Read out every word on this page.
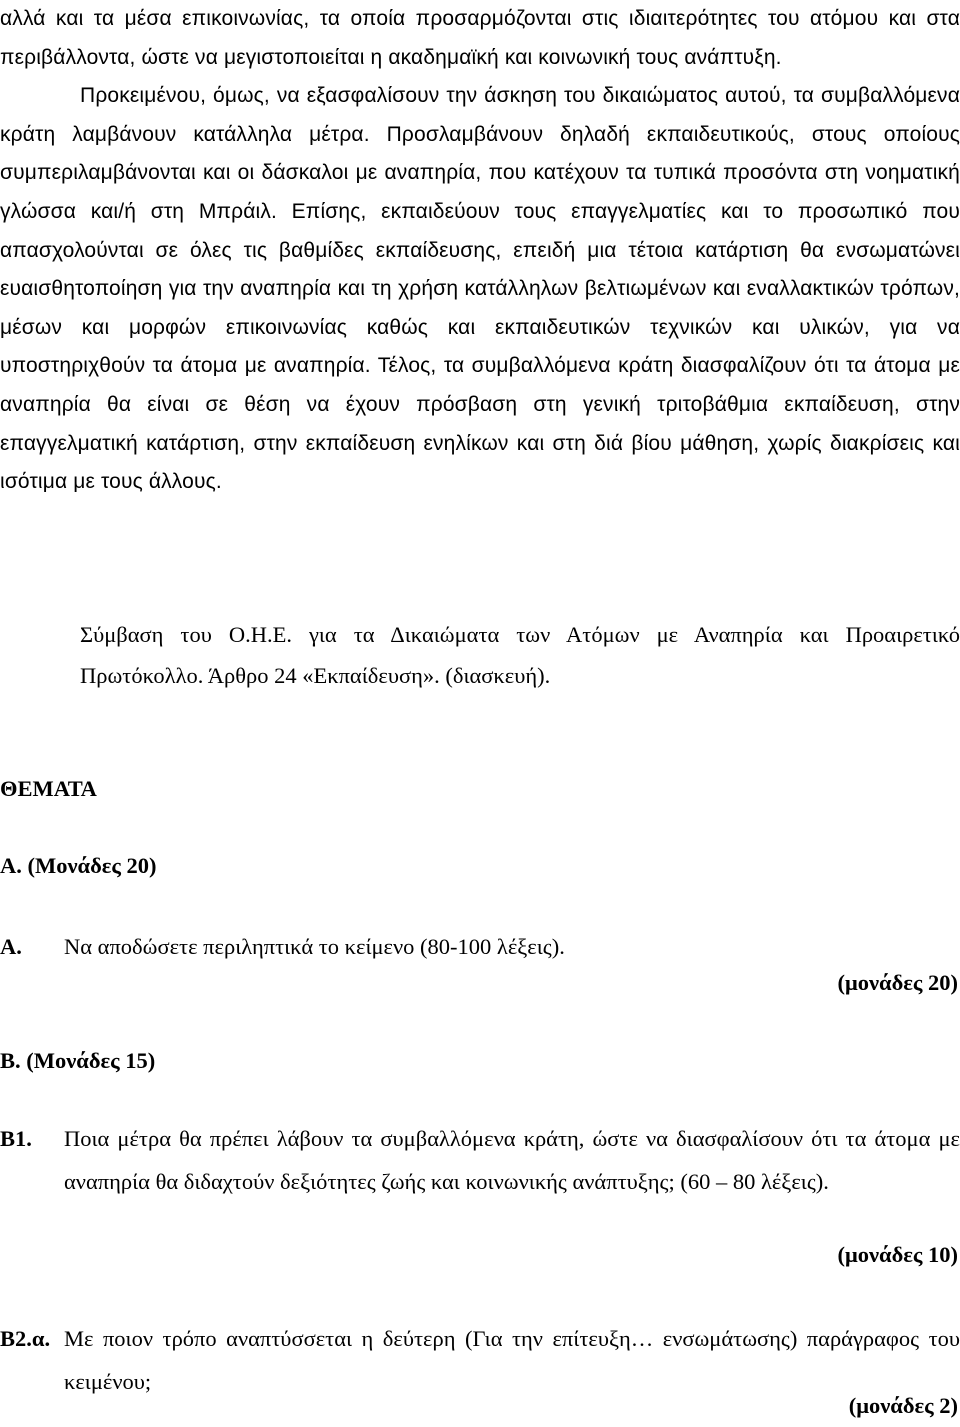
αλλά και τα μέσα επικοινωνίας, τα οποία προσαρμόζονται στις ιδιαιτερότητες του ατόμου και στα περιβάλλοντα, ώστε να μεγιστοποιείται η ακαδημαϊκή και κοινωνική τους ανάπτυξη.

Προκειμένου, όμως, να εξασφαλίσουν την άσκηση του δικαιώματος αυτού, τα συμβαλλόμενα κράτη λαμβάνουν κατάλληλα μέτρα. Προσλαμβάνουν δηλαδή εκπαιδευτικούς, στους οποίους συμπεριλαμβάνονται και οι δάσκαλοι με αναπηρία, που κατέχουν τα τυπικά προσόντα στη νοηματική γλώσσα και/ή στη Μπράιλ. Επίσης, εκπαιδεύουν τους επαγγελματίες και το προσωπικό που απασχολούνται σε όλες τις βαθμίδες εκπαίδευσης, επειδή μια τέτοια κατάρτιση θα ενσωματώνει ευαισθητοποίηση για την αναπηρία και τη χρήση κατάλληλων βελτιωμένων και εναλλακτικών τρόπων, μέσων και μορφών επικοινωνίας καθώς και εκπαιδευτικών τεχνικών και υλικών, για να υποστηριχθούν τα άτομα με αναπηρία. Τέλος, τα συμβαλλόμενα κράτη διασφαλίζουν ότι τα άτομα με αναπηρία θα είναι σε θέση να έχουν πρόσβαση στη γενική τριτοβάθμια εκπαίδευση, στην επαγγελματική κατάρτιση, στην εκπαίδευση ενηλίκων και στη διά βίου μάθηση, χωρίς διακρίσεις και ισότιμα με τους άλλους.

Σύμβαση του Ο.Η.Ε. για τα Δικαιώματα των Ατόμων με Αναπηρία και Προαιρετικό Πρωτόκολλο. Άρθρο 24 «Εκπαίδευση». (διασκευή).

ΘΕΜΑΤΑ

Α. (Μονάδες 20)

Α. Να αποδώσετε περιληπτικά το κείμενο (80-100 λέξεις).
(μονάδες 20)

Β. (Μονάδες 15)

Β1. Ποια μέτρα θα πρέπει λάβουν τα συμβαλλόμενα κράτη, ώστε να διασφαλίσουν ότι τα άτομα με αναπηρία θα διδαχτούν δεξιότητες ζωής και κοινωνικής ανάπτυξης; (60 – 80 λέξεις).
(μονάδες 10)
Β2.α. Με ποιον τρόπο αναπτύσσεται η δεύτερη (Για την επίτευξη… ενσωμάτωσης) παράγραφος του κειμένου;
(μονάδες 2)
